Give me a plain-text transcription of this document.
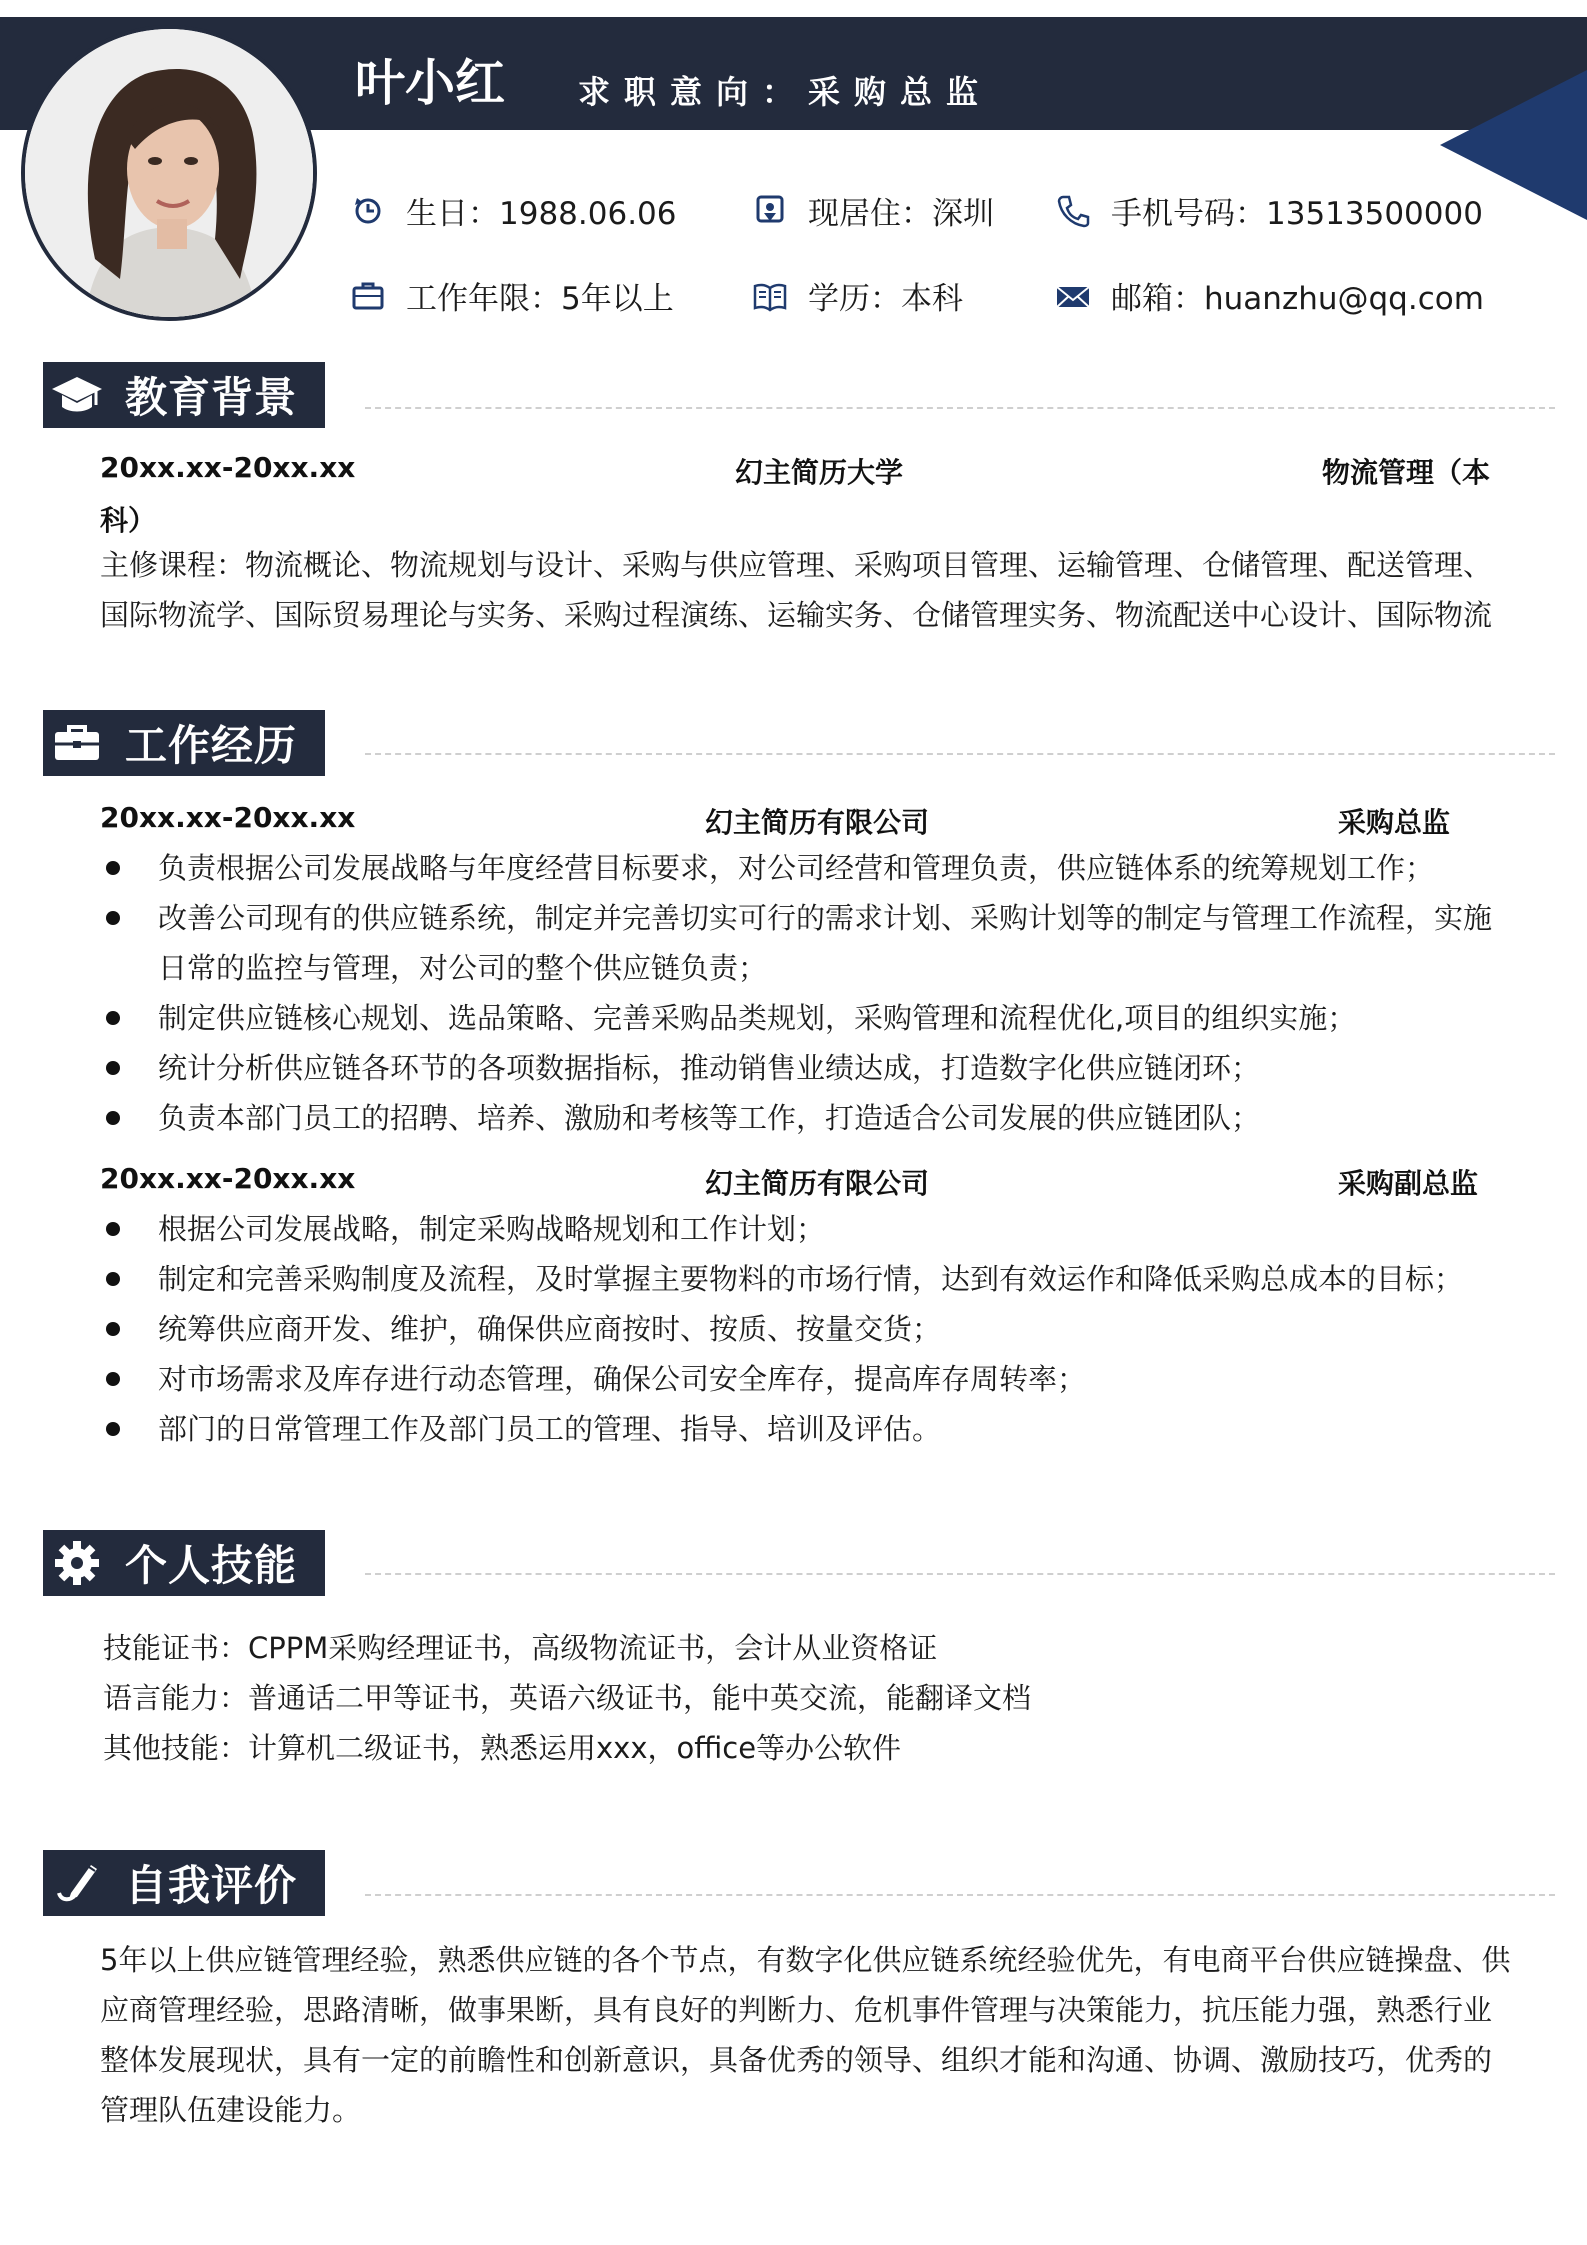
叶小红 求职意向：采购总监
生日：1988.06.06	现居住：深圳	手机号码：13513500000
工作年限：5年以上	学历：本科	邮箱：huanzhu@qq.com
教育背景
20xx.xx-20xx.xx	幻主简历大学	物流管理（本
科）
主修课程：物流概论、物流规划与设计、采购与供应管理、采购项目管理、运输管理、仓储管理、配送管理、国际物流学、国际贸易理论与实务、采购过程演练、运输实务、仓储管理实务、物流配送中心设计、国际物流
工作经历
20xx.xx-20xx.xx	幻主简历有限公司	采购总监
负责根据公司发展战略与年度经营目标要求，对公司经营和管理负责，供应链体系的统筹规划工作；
改善公司现有的供应链系统，制定并完善切实可行的需求计划、采购计划等的制定与管理工作流程，实施日常的监控与管理，对公司的整个供应链负责；
制定供应链核心规划、选品策略、完善采购品类规划，采购管理和流程优化,项目的组织实施；
统计分析供应链各环节的各项数据指标，推动销售业绩达成，打造数字化供应链闭环；
负责本部门员工的招聘、培养、激励和考核等工作，打造适合公司发展的供应链团队；
20xx.xx-20xx.xx	幻主简历有限公司	采购副总监
根据公司发展战略，制定采购战略规划和工作计划；
制定和完善采购制度及流程，及时掌握主要物料的市场行情，达到有效运作和降低采购总成本的目标；
统筹供应商开发、维护，确保供应商按时、按质、按量交货；
对市场需求及库存进行动态管理，确保公司安全库存，提高库存周转率；
部门的日常管理工作及部门员工的管理、指导、培训及评估。
个人技能
技能证书：CPPM采购经理证书，高级物流证书，会计从业资格证
语言能力：普通话二甲等证书，英语六级证书，能中英交流，能翻译文档
其他技能：计算机二级证书，熟悉运用xxx，office等办公软件
自我评价
5年以上供应链管理经验，熟悉供应链的各个节点，有数字化供应链系统经验优先，有电商平台供应链操盘、供应商管理经验，思路清晰，做事果断，具有良好的判断力、危机事件管理与决策能力，抗压能力强，熟悉行业整体发展现状，具有一定的前瞻性和创新意识，具备优秀的领导、组织才能和沟通、协调、激励技巧，优秀的管理队伍建设能力。
